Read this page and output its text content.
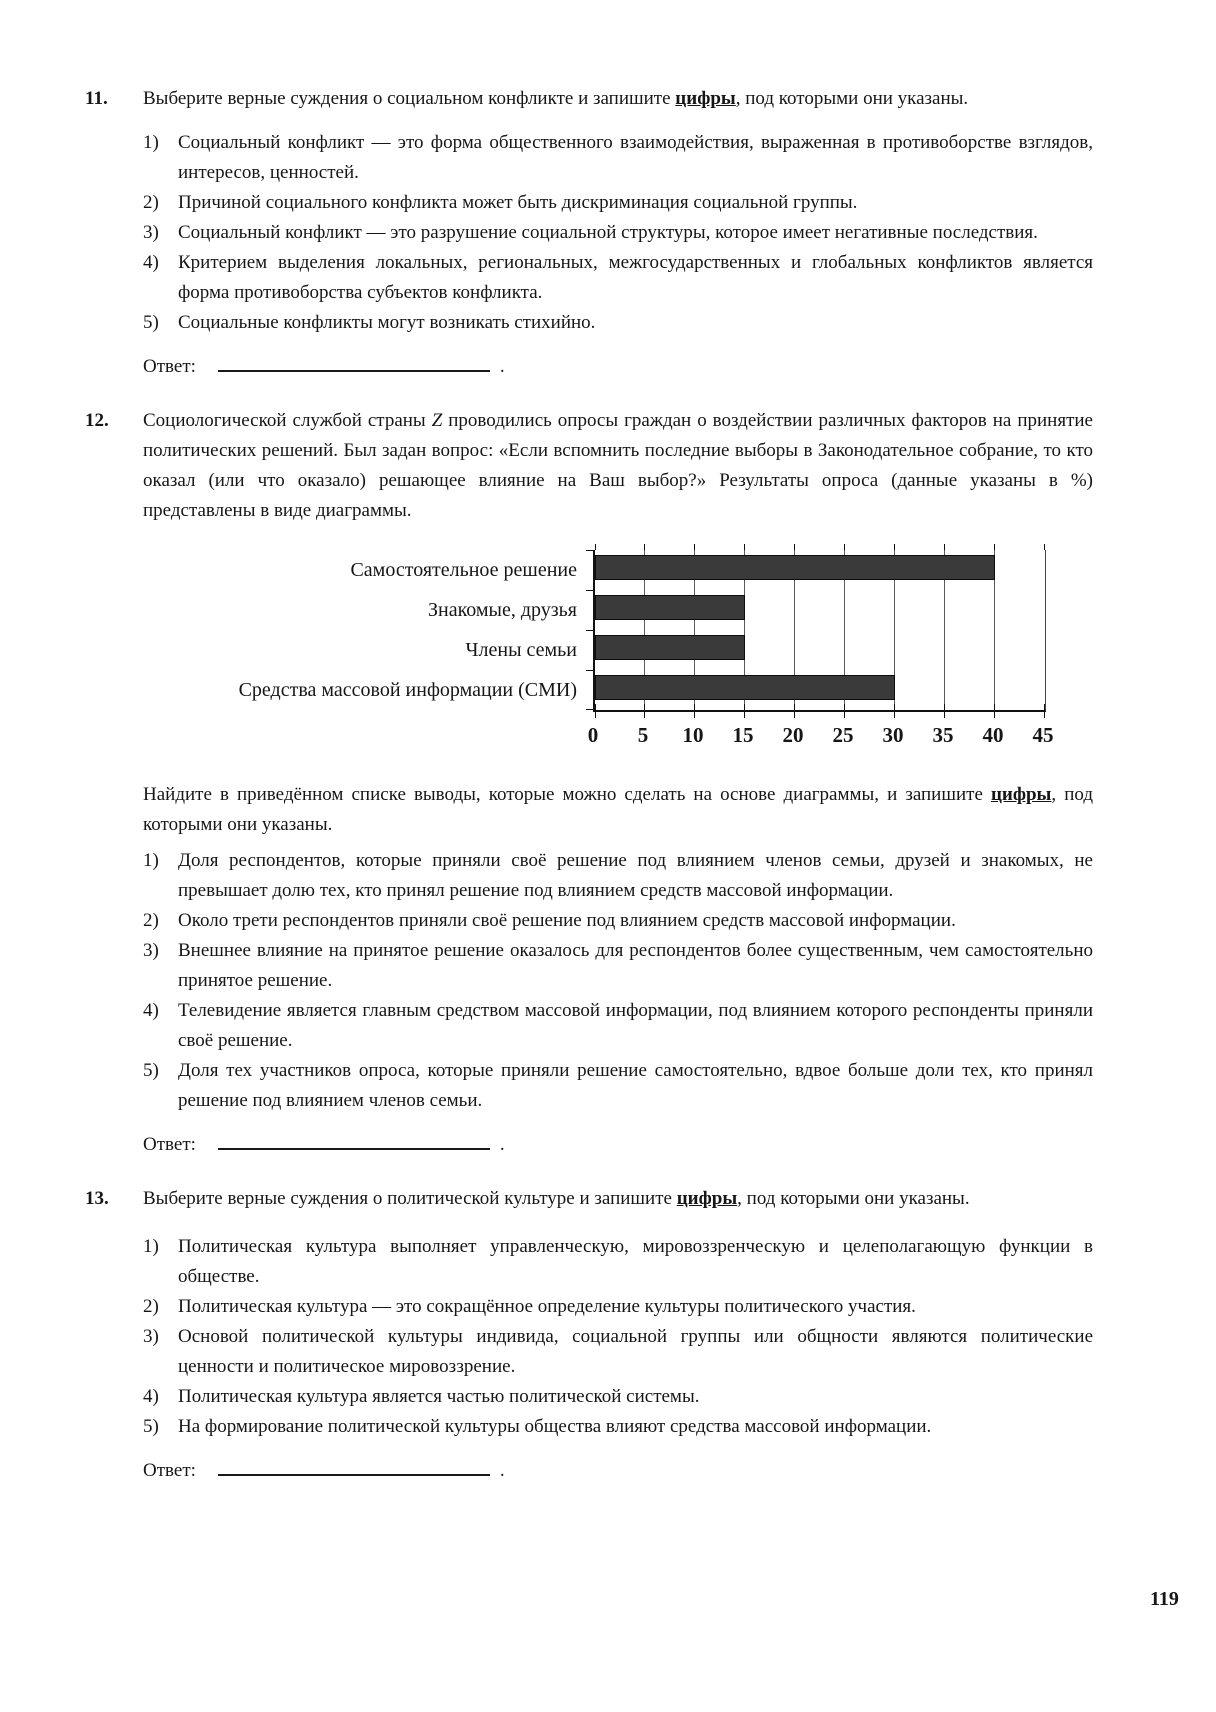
11.	Выберите верные суждения о социальном конфликте и запишите цифры, под которыми они указаны.

1)	Социальный конфликт — это форма общественного взаимодействия, выраженная в противоборстве взглядов, интересов, ценностей.
2)	Причиной социального конфликта может быть дискриминация социальной группы.
3)	Социальный конфликт — это разрушение социальной структуры, которое имеет негативные последствия.
4)	Критерием выделения локальных, региональных, межгосударственных и глобальных конфликтов является форма противоборства субъектов конфликта.
5)	Социальные конфликты могут возникать стихийно.
Ответ:	.
12.	Социологической службой страны Z проводились опросы граждан о воздействии различных факторов на принятие политических решений. Был задан вопрос: «Если вспомнить последние выборы в Законодательное собрание, то кто оказал (или что оказало) решающее влияние на Ваш выбор?» Результаты опроса (данные указаны в %) представлены в виде диаграммы.

Самостоятельное решение
Знакомые, друзья
Члены семьи
Средства массовой информации (СМИ)
0 5 10 15 20 25 30 35 40 45

Найдите в приведённом списке выводы, которые можно сделать на основе диаграммы, и запишите цифры, под которыми они указаны.

1)	Доля респондентов, которые приняли своё решение под влиянием членов семьи, друзей и знакомых, не превышает долю тех, кто принял решение под влиянием средств массовой информации.
2)	Около трети респондентов приняли своё решение под влиянием средств массовой информации.
3)	Внешнее влияние на принятое решение оказалось для респондентов более существенным, чем самостоятельно принятое решение.
4)	Телевидение является главным средством массовой информации, под влиянием которого респонденты приняли своё решение.
5)	Доля тех участников опроса, которые приняли решение самостоятельно, вдвое больше доли тех, кто принял решение под влиянием членов семьи.
Ответ:	.
13.	Выберите верные суждения о политической культуре и запишите цифры, под которыми они указаны.

1)	Политическая культура выполняет управленческую, мировоззренческую и целеполагающую функции в обществе.
2)	Политическая культура — это сокращённое определение культуры политического участия.
3)	Основой политической культуры индивида, социальной группы или общности являются политические ценности и политическое мировоззрение.
4)	Политическая культура является частью политической системы.
5)	На формирование политической культуры общества влияют средства массовой информации.
Ответ:	.
119
